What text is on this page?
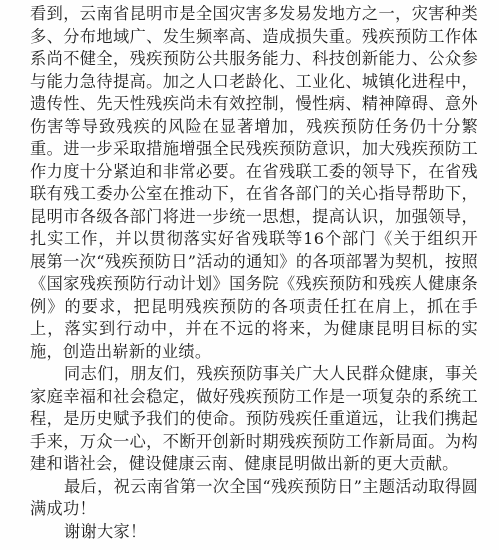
看到，云南省昆明市是全国灾害多发易发地方之一，灾害种类多、分布地域广、发生频率高、造成损失重。残疾预防工作体系尚不健全，残疾预防公共服务能力、科技创新能力、公众参与能力急待提高。加之人口老龄化、工业化、城镇化进程中，遗传性、先天性残疾尚未有效控制，慢性病、精神障碍、意外伤害等导致残疾的风险在显著增加，残疾预防任务仍十分繁重。进一步采取措施增强全民残疾预防意识，加大残疾预防工作力度十分紧迫和非常必要。在省残联工委的领导下，在省残联有残工委办公室在推动下，在省各部门的关心指导帮助下，昆明市各级各部门将进一步统一思想，提高认识，加强领导，扎实工作，并以贯彻落实好省残联等16个部门《关于组织开展第一次“残疾预防日”活动的通知》的各项部署为契机，按照《国家残疾预防行动计划》国务院《残疾预防和残疾人健康条例》的要求，把昆明残疾预防的各项责任扛在肩上，抓在手上，落实到行动中，并在不远的将来，为健康昆明目标的实施，创造出崭新的业绩。

同志们，朋友们，残疾预防事关广大人民群众健康，事关家庭幸福和社会稳定，做好残疾预防工作是一项复杂的系统工程，是历史赋予我们的使命。预防残疾任重道远，让我们携起手来，万众一心，不断开创新时期残疾预防工作新局面。为构建和谐社会，健设健康云南、健康昆明做出新的更大贡献。

最后，祝云南省第一次全国“残疾预防日”主题活动取得圆满成功！

谢谢大家！
